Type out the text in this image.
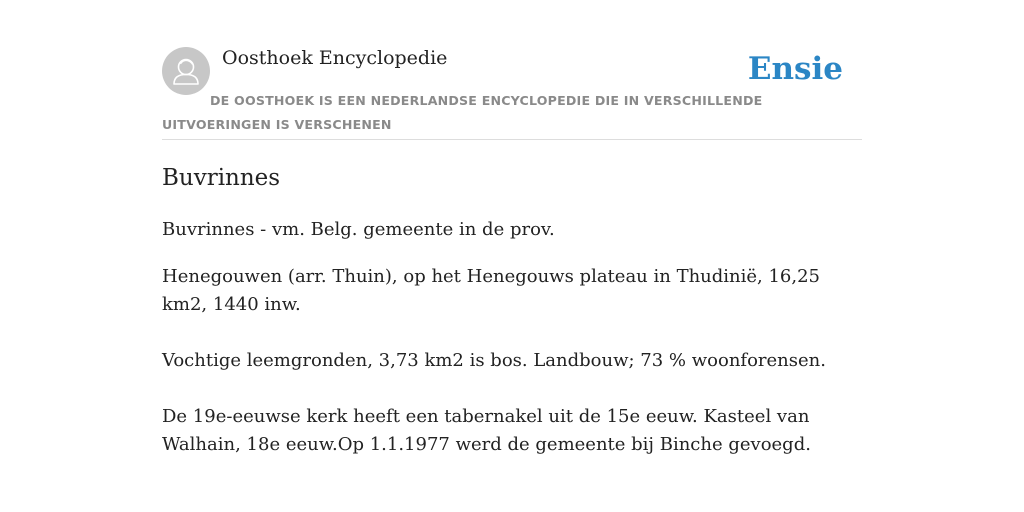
Oosthoek Encyclopedie	Ensie
DE OOSTHOEK IS EEN NEDERLANDSE ENCYCLOPEDIE DIE IN VERSCHILLENDE UITVOERINGEN IS VERSCHENEN
Buvrinnes

Buvrinnes - vm. Belg. gemeente in de prov.

Henegouwen (arr. Thuin), op het Henegouws plateau in Thudinië, 16,25 km2, 1440 inw.

Vochtige leemgronden, 3,73 km2 is bos. Landbouw; 73 % woonforensen.

De 19e-eeuwse kerk heeft een tabernakel uit de 15e eeuw. Kasteel van Walhain, 18e eeuw.Op 1.1.1977 werd de gemeente bij Binche gevoegd.
